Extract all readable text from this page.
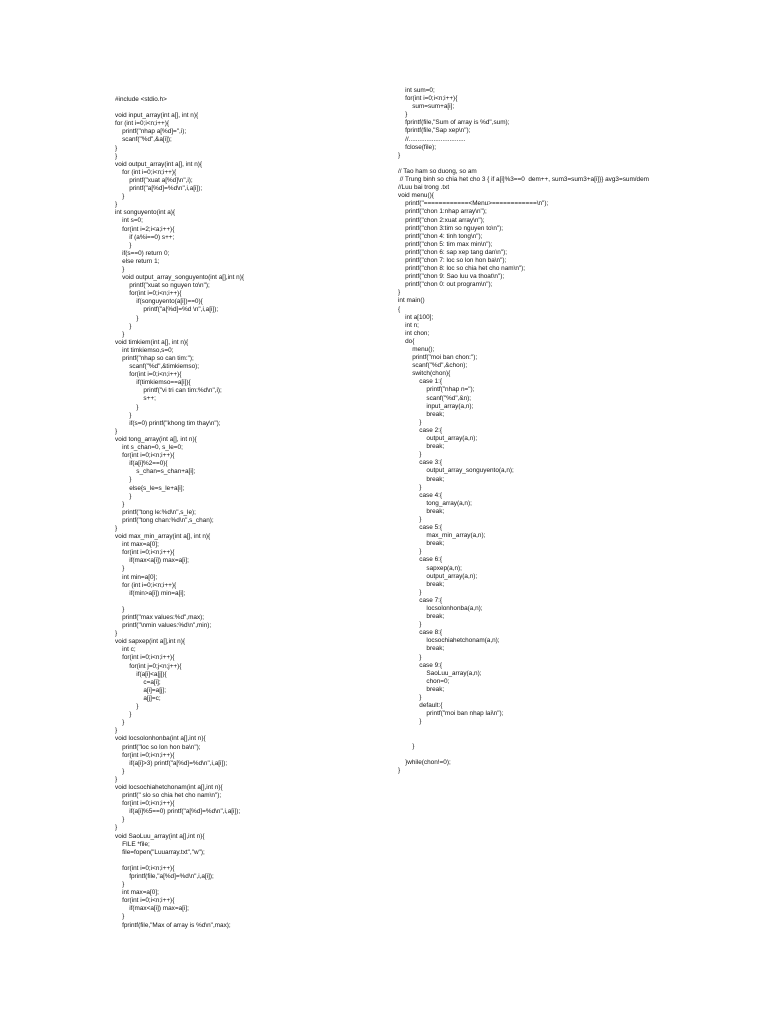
#include <stdio.h>

void input_array(int a[], int n){
for (int i=0;i<n;i++){
printf("nhap a[%d]=",i);
scanf("%d",&a[i]);
}
}
void output_array(int a[], int n){
for (int i=0;i<n;i++){
printf("xuat a[%d]\n",i);
printf("a[%d]=%d\n",i,a[i]);
}
}
int songuyento(int a){
int s=0;
for(int i=2;i<a;i++){
if (a%i==0) s++;
}
if(s==0) return 0;
else return 1;
}
void output_array_songuyento(int a[],int n){
printf("xuat so nguyen to\n");
for(int i=0;i<n;i++){
if(songuyento(a[i])==0){
printf("a[%d]=%d \n",i,a[i]);
}
}
}
void timkiem(int a[], int n){
int timkiemso,s=0;
printf("nhap so can tim:");
scanf("%d",&timkiemso);
for(int i=0;i<n;i++){
if(timkiemso==a[i]){
printf("vi tri can tim:%d\n",i);
s++;
}
}
if(s=0) printf("khong tim thay\n");
}
void tong_array(int a[], int n){
int s_chan=0, s_le=0;
for(int i=0;i<n;i++){
if(a[i]%2==0){
s_chan=s_chan+a[i];
}
else{s_le=s_le+a[i];
}
}
printf("tong le:%d\n",s_le);
printf("tong chan:%d\n",s_chan);
}
void max_min_array(int a[], int n){
int max=a[0];
for(int i=0;i<n;i++){
if(max<a[i]) max=a[i];
}
int min=a[0];
for (int i=0;i<n;i++){
if(min>a[i]) min=a[i];

}
printf("max values:%d",max);
printf("\nmin values:%d\n",min);
}
void sapxep(int a[],int n){
int c;
for(int i=0;i<n;i++){
for(int j=0;j<n;j++){
if(a[i]<a[j]){
c=a[i];
a[i]=a[j];
a[j]=c;
}
}
}
}
void locsolonhonba(int a[],int n){
printf("loc so lon hon ba\n");
for(int i=0;i<n;i++){
if(a[i]>3) printf("a[%d]=%d\n",i,a[i]);
}
}
void locsochiahetchonam(int a[],int n){
printf(" slo so chia het cho nam\n");
for(int i=0;i<n;i++){
if(a[i]%5==0) printf("a[%d]=%d\n",i,a[i]);
}
}
void SaoLuu_array(int a[],int n){
FILE *file;
file=fopen("Luuarray.txt","w");

for(int i=0;i<n;i++){
fprintf(file,"a[%d]=%d\n",i,a[i]);
}
int max=a[0];
for(int i=0;i<n;i++){
if(max<a[i]) max=a[i];
}
fprintf(file,"Max of array is %d\n",max);
int sum=0;
for(int i=0;i<n;i++){
sum=sum+a[i];
}
fprintf(file,"Sum of array is %d",sum);
fprintf(file,"Sap xep\n");
//................................
fclose(file);
}

// Tao ham so duong, so am
// Trung binh so chia het cho 3 { if a[i]%3==0  dem++, sum3=sum3+a[i]}} avg3=sum/dem
//Luu bai trong .txt
void menu(){
printf("============<Menu>============\n");
printf("chon 1:nhap array\n");
printf("chon 2:xuat array\n");
printf("chon 3:tim so nguyen to\n");
printf("chon 4: tinh tong\n");
printf("chon 5: tim max min\n");
printf("chon 6: sap xep tang dan\n");
printf("chon 7: loc so lon hon ba\n");
printf("chon 8: loc so chia het cho nam\n");
printf("chon 9: Sao luu va thoat\n");
printf("chon 0: out program\n");
}
int main()
{
int a[100];
int n;
int chon;
do{
menu();
printf("moi ban chon:");
scanf("%d",&chon);
switch(chon){
case 1:{
printf("nhap n=");
scanf("%d",&n);
input_array(a,n);
break;
}
case 2:{
output_array(a,n);
break;
}
case 3:{
output_array_songuyento(a,n);
break;
}
case 4:{
tong_array(a,n);
break;
}
case 5:{
max_min_array(a,n);
break;
}
case 6:{
sapxep(a,n);
output_array(a,n);
break;
}
case 7:{
locsolonhonba(a,n);
break;
}
case 8:{
locsochiahetchonam(a,n);
break;
}
case 9:{
SaoLuu_array(a,n);
chon=0;
break;
}
default:{
printf("moi ban nhap lai\n");
}

}

}while(chon!=0);
}
